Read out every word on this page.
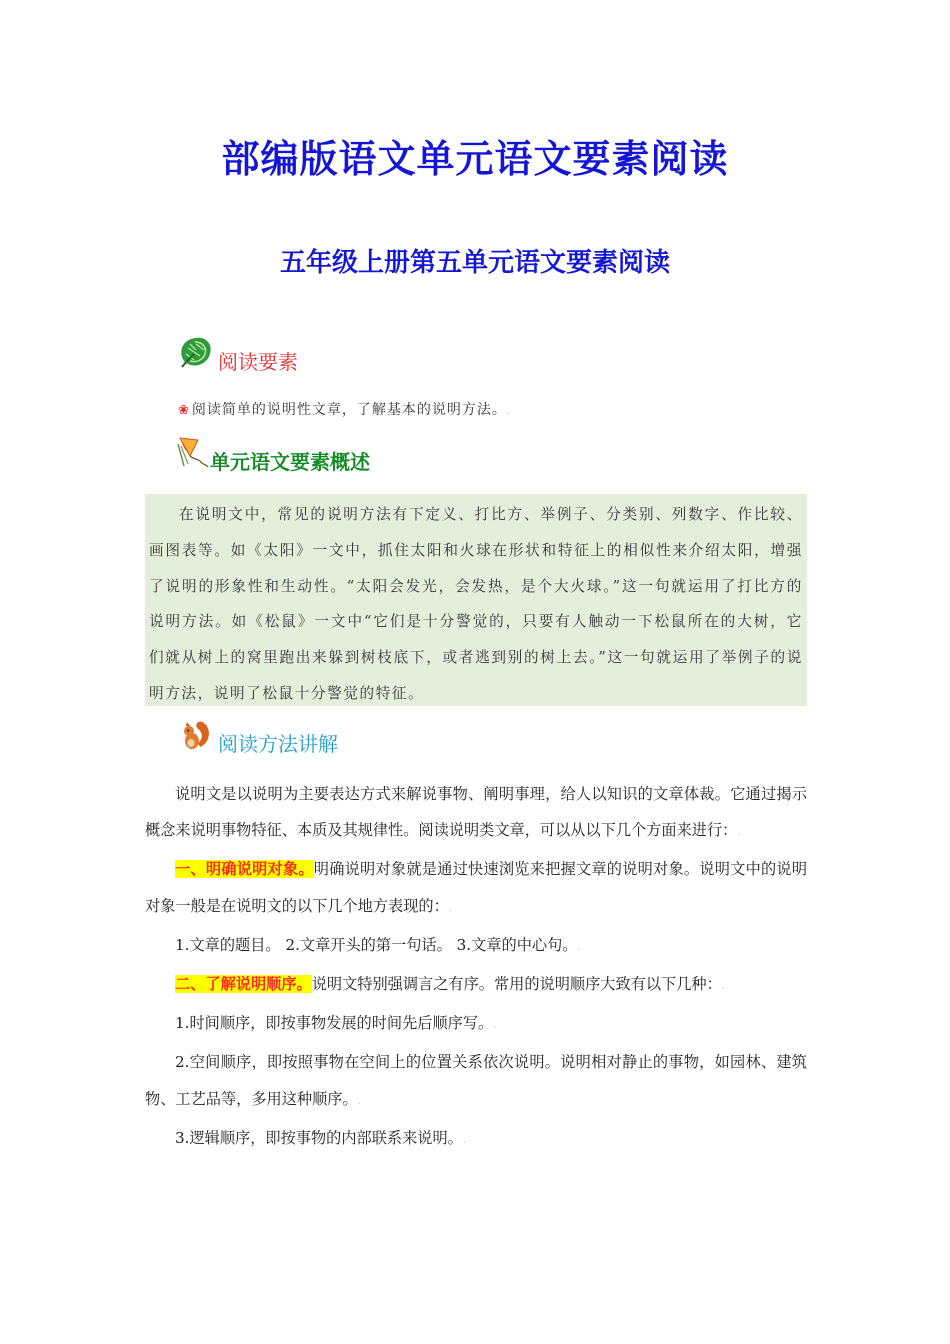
部编版语文单元语文要素阅读
五年级上册第五单元语文要素阅读
阅读要素
❀ 阅读简单的说明性文章，了解基本的说明方法。.
单元语文要素概述

在说明文中，常见的说明方法有下定义、打比方、举例子、分类别、列数字、作比较、画图表等。如《太阳》一文中，抓住太阳和火球在形状和特征上的相似性来介绍太阳，增强了说明的形象性和生动性。“太阳会发光，会发热，是个大火球。”这一句就运用了打比方的说明方法。如《松鼠》一文中“它们是十分警觉的，只要有人触动一下松鼠所在的大树，它们就从树上的窝里跑出来躲到树枝底下，或者逃到别的树上去。”这一句就运用了举例子的说明方法，说明了松鼠十分警觉的特征。

阅读方法讲解

说明文是以说明为主要表达方式来解说事物、阐明事理，给人以知识的文章体裁。它通过揭示概念来说明事物特征、本质及其规律性。阅读说明类文章，可以从以下几个方面来进行：.

一、明确说明对象。明确说明对象就是通过快速浏览来把握文章的说明对象。说明文中的说明对象一般是在说明文的以下几个地方表现的：.

1.文章的题目。 2.文章开头的第一句话。 3.文章的中心句。.

二、了解说明顺序。说明文特别强调言之有序。常用的说明顺序大致有以下几种：.

1.时间顺序，即按事物发展的时间先后顺序写。.

2.空间顺序，即按照事物在空间上的位置关系依次说明。说明相对静止的事物，如园林、建筑物、工艺品等，多用这种顺序。.

3.逻辑顺序，即按事物的内部联系来说明。.
